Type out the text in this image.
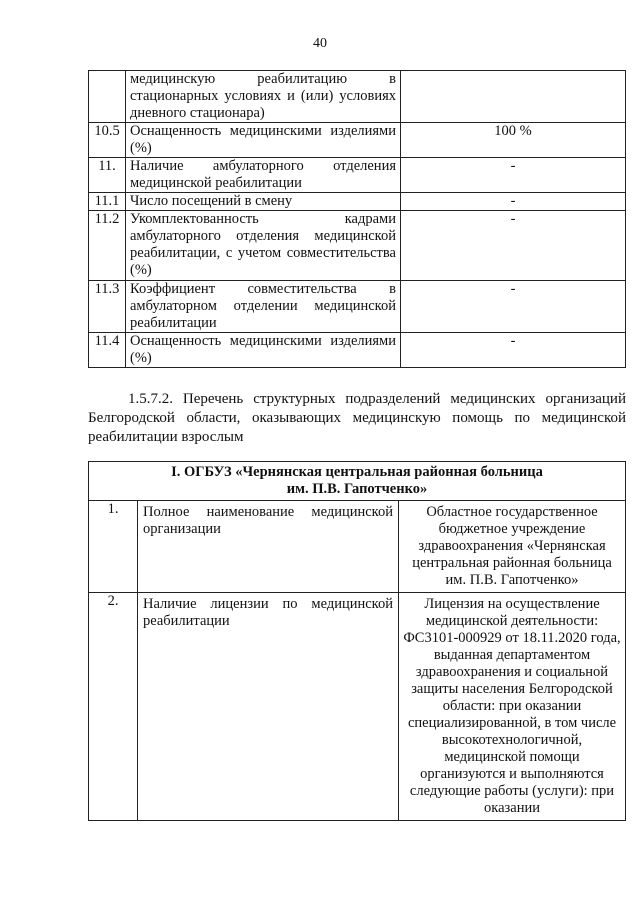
40
	медицинскую реабилитацию в стационарных условиях и (или) условиях дневного стационара)	
10.5	Оснащенность медицинскими изделиями (%)	100 %
11.	Наличие амбулаторного отделения медицинской реабилитации	-
11.1	Число посещений в смену	-
11.2	Укомплектованность кадрами амбулаторного отделения медицинской реабилитации, с учетом совместительства (%)	-
11.3	Коэффициент совместительства в амбулаторном отделении медицинской реабилитации	-
11.4	Оснащенность медицинскими изделиями (%)	-
1.5.7.2. Перечень структурных подразделений медицинских организаций Белгородской области, оказывающих медицинскую помощь по медицинской реабилитации взрослым
I. ОГБУЗ «Чернянская центральная районная больница
им. П.В. Гапотченко»		

1.	Полное наименование медицинской организации	Областное государственное бюджетное учреждение здравоохранения «Чернянская центральная районная больница им. П.В. Гапотченко»
2.	Наличие лицензии по медицинской реабилитации	Лицензия на осуществление медицинской деятельности: ФС3101-000929 от 18.11.2020 года, выданная департаментом здравоохранения и социальной защиты населения Белгородской области: при оказании специализированной, в том числе высокотехнологичной, медицинской помощи организуются и выполняются следующие работы (услуги): при оказании
